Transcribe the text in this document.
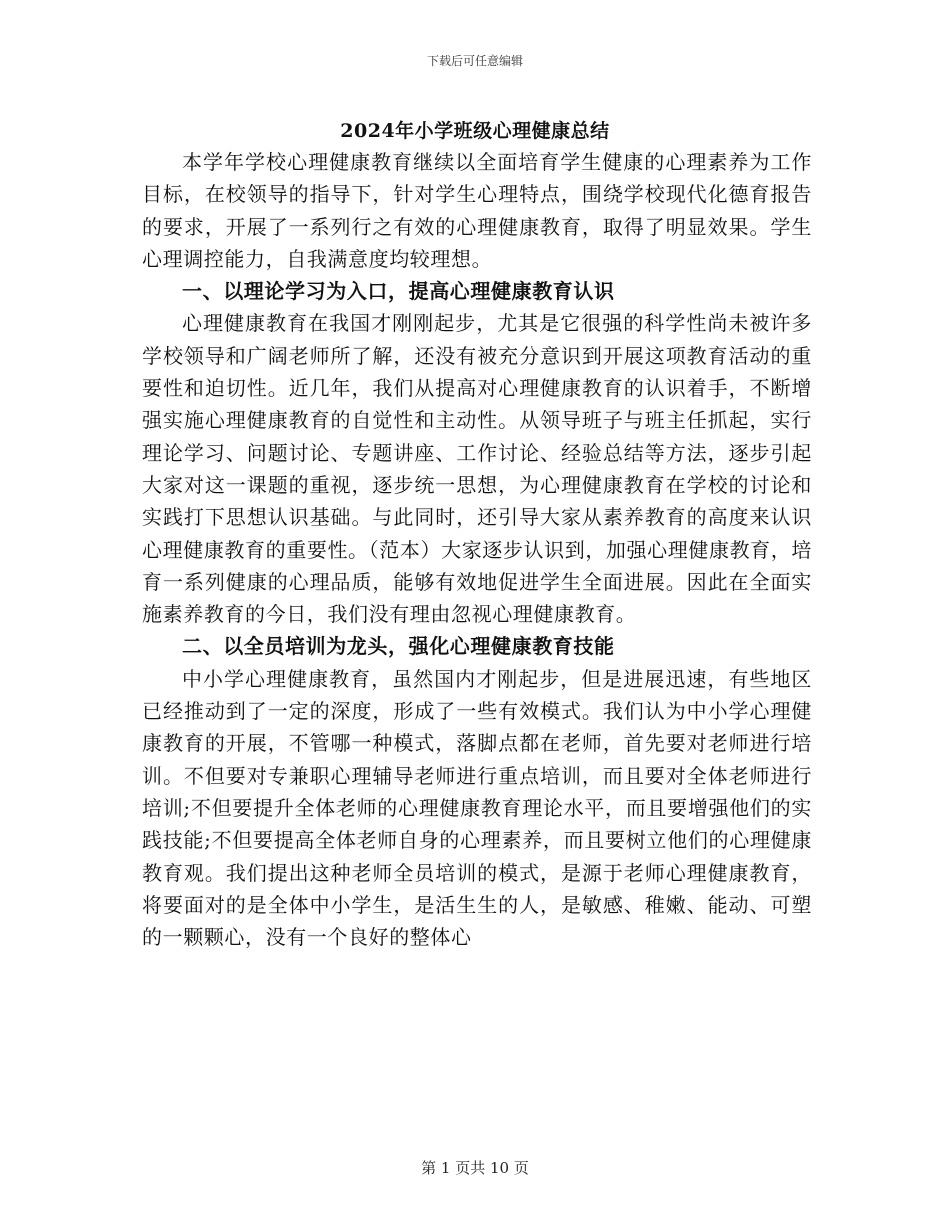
下载后可任意编辑
2024年小学班级心理健康总结

本学年学校心理健康教育继续以全面培育学生健康的心理素养为工作目标，在校领导的指导下，针对学生心理特点，围绕学校现代化德育报告的要求，开展了一系列行之有效的心理健康教育，取得了明显效果。学生心理调控能力，自我满意度均较理想。

一、以理论学习为入口，提高心理健康教育认识

心理健康教育在我国才刚刚起步，尤其是它很强的科学性尚未被许多学校领导和广阔老师所了解，还没有被充分意识到开展这项教育活动的重要性和迫切性。近几年，我们从提高对心理健康教育的认识着手，不断增强实施心理健康教育的自觉性和主动性。从领导班子与班主任抓起，实行理论学习、问题讨论、专题讲座、工作讨论、经验总结等方法，逐步引起大家对这一课题的重视，逐步统一思想，为心理健康教育在学校的讨论和实践打下思想认识基础。与此同时，还引导大家从素养教育的高度来认识心理健康教育的重要性。（范本）大家逐步认识到，加强心理健康教育，培育一系列健康的心理品质，能够有效地促进学生全面进展。因此在全面实施素养教育的今日，我们没有理由忽视心理健康教育。

二、以全员培训为龙头，强化心理健康教育技能

中小学心理健康教育，虽然国内才刚起步，但是进展迅速，有些地区已经推动到了一定的深度，形成了一些有效模式。我们认为中小学心理健康教育的开展，不管哪一种模式，落脚点都在老师，首先要对老师进行培训。不但要对专兼职心理辅导老师进行重点培训，而且要对全体老师进行培训;不但要提升全体老师的心理健康教育理论水平，而且要增强他们的实践技能;不但要提高全体老师自身的心理素养，而且要树立他们的心理健康教育观。我们提出这种老师全员培训的模式，是源于老师心理健康教育，将要面对的是全体中小学生，是活生生的人，是敏感、稚嫩、能动、可塑的一颗颗心，没有一个良好的整体心

第 1 页共 10 页
